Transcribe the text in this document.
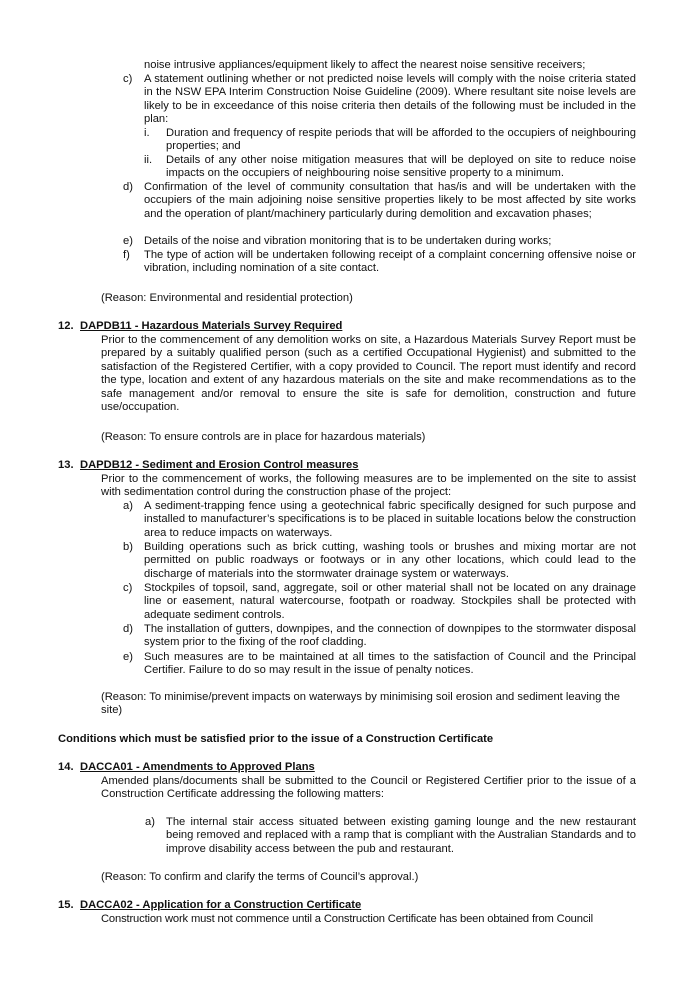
noise intrusive appliances/equipment likely to affect the nearest noise sensitive receivers;
c) A statement outlining whether or not predicted noise levels will comply with the noise criteria stated in the NSW EPA Interim Construction Noise Guideline (2009). Where resultant site noise levels are likely to be in exceedance of this noise criteria then details of the following must be included in the plan:
i. Duration and frequency of respite periods that will be afforded to the occupiers of neighbouring properties; and
ii. Details of any other noise mitigation measures that will be deployed on site to reduce noise impacts on the occupiers of neighbouring noise sensitive property to a minimum.
d) Confirmation of the level of community consultation that has/is and will be undertaken with the occupiers of the main adjoining noise sensitive properties likely to be most affected by site works and the operation of plant/machinery particularly during demolition and excavation phases;
e) Details of the noise and vibration monitoring that is to be undertaken during works;
f) The type of action will be undertaken following receipt of a complaint concerning offensive noise or vibration, including nomination of a site contact.
(Reason: Environmental and residential protection)
12. DAPDB11 - Hazardous Materials Survey Required
Prior to the commencement of any demolition works on site, a Hazardous Materials Survey Report must be prepared by a suitably qualified person (such as a certified Occupational Hygienist) and submitted to the satisfaction of the Registered Certifier, with a copy provided to Council. The report must identify and record the type, location and extent of any hazardous materials on the site and make recommendations as to the safe management and/or removal to ensure the site is safe for demolition, construction and future use/occupation.
(Reason: To ensure controls are in place for hazardous materials)
13. DAPDB12 - Sediment and Erosion Control measures
Prior to the commencement of works, the following measures are to be implemented on the site to assist with sedimentation control during the construction phase of the project:
a) A sediment-trapping fence using a geotechnical fabric specifically designed for such purpose and installed to manufacturer’s specifications is to be placed in suitable locations below the construction area to reduce impacts on waterways.
b) Building operations such as brick cutting, washing tools or brushes and mixing mortar are not permitted on public roadways or footways or in any other locations, which could lead to the discharge of materials into the stormwater drainage system or waterways.
c) Stockpiles of topsoil, sand, aggregate, soil or other material shall not be located on any drainage line or easement, natural watercourse, footpath or roadway. Stockpiles shall be protected with adequate sediment controls.
d) The installation of gutters, downpipes, and the connection of downpipes to the stormwater disposal system prior to the fixing of the roof cladding.
e) Such measures are to be maintained at all times to the satisfaction of Council and the Principal Certifier. Failure to do so may result in the issue of penalty notices.
(Reason: To minimise/prevent impacts on waterways by minimising soil erosion and sediment leaving the site)
Conditions which must be satisfied prior to the issue of a Construction Certificate
14. DACCA01 - Amendments to Approved Plans
Amended plans/documents shall be submitted to the Council or Registered Certifier prior to the issue of a Construction Certificate addressing the following matters:
a) The internal stair access situated between existing gaming lounge and the new restaurant being removed and replaced with a ramp that is compliant with the Australian Standards and to improve disability access between the pub and restaurant.
(Reason: To confirm and clarify the terms of Council’s approval.)
15. DACCA02 - Application for a Construction Certificate
Construction work must not commence until a Construction Certificate has been obtained from Council
